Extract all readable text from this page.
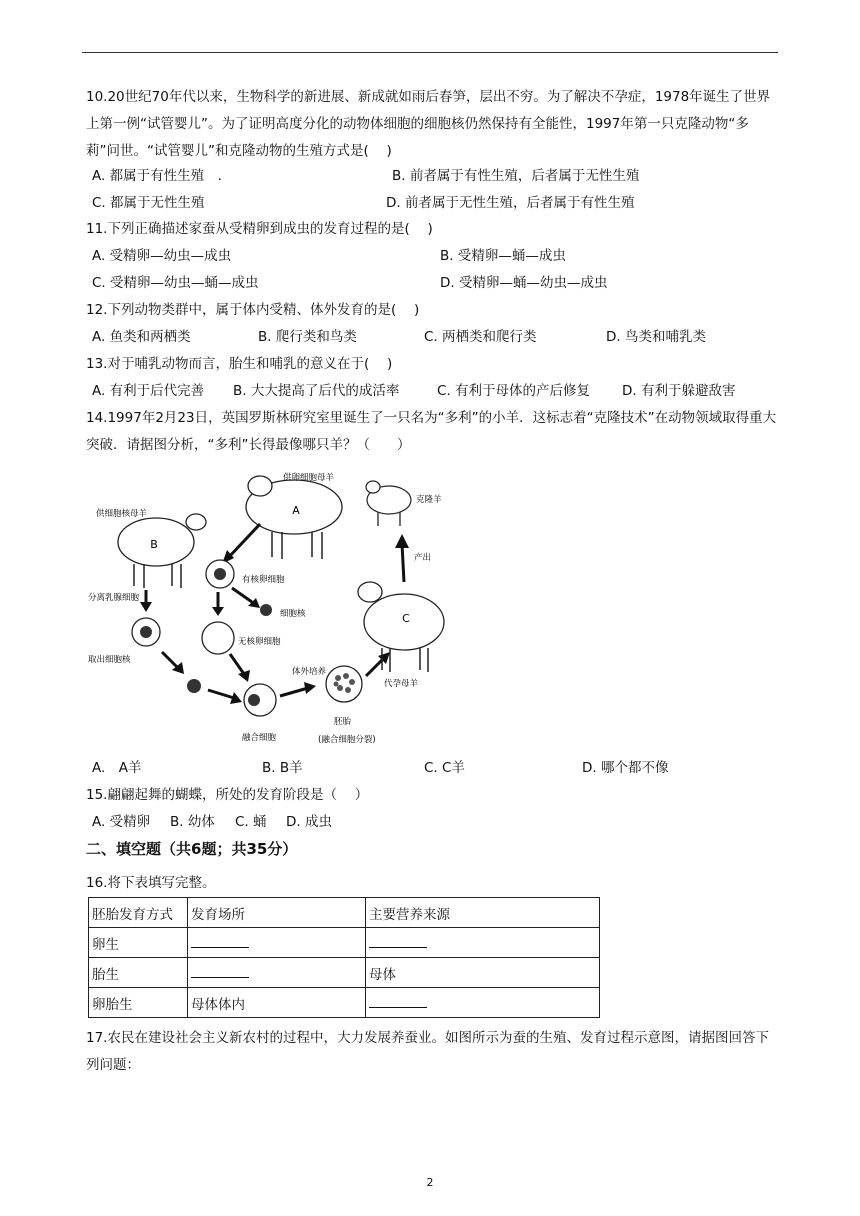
10.20世纪70年代以来，生物科学的新进展、新成就如雨后春笋，层出不穷。为了解决不孕症，1978年诞生了世界上第一例“试管婴儿”。为了证明高度分化的动物体细胞的细胞核仍然保持有全能性，1997年第一只克隆动物“多莉”问世。“试管婴儿”和克隆动物的生殖方式是(　 )

A. 都属于有性生殖　.	B. 前者属于有性生殖，后者属于无性生殖
C. 都属于无性生殖	D. 前者属于无性生殖，后者属于有性生殖
11.下列正确描述家蚕从受精卵到成虫的发育过程的是(　 )
A. 受精卵—幼虫—成虫	B. 受精卵—蛹—成虫
C. 受精卵—幼虫—蛹—成虫	D. 受精卵—蛹—幼虫—成虫
12.下列动物类群中，属于体内受精、体外发育的是(　 )
A. 鱼类和两栖类	B. 爬行类和鸟类	C. 两栖类和爬行类	D. 鸟类和哺乳类
13.对于哺乳动物而言，胎生和哺乳的意义在于(　 )
A. 有利于后代完善 B. 大大提高了后代的成活率	C. 有利于母体的产后修复 D. 有利于躲避敌害

14.1997年2月23日，英国罗斯林研究室里诞生了一只名为“多利”的小羊．这标志着“克隆技术”在动物领域取得重大突破．请据图分析，“多利”长得最像哪只羊？（　　）

A
供卵细胞母羊
克隆羊
B
供细胞核母羊
产出
有核卵细胞
细胞核
分离乳腺细胞
无核卵细胞
取出细胞核
融合细胞
体外培养
胚胎
(融合细胞分裂)
代孕母羊
C
A.　A羊	B. B羊	C. C羊	D. 哪个都不像
15.翩翩起舞的蝴蝶，所处的发育阶段是（　 ）
A. 受精卵 B. 幼体 C. 蛹 D. 成虫
二、填空题（共6题；共35分）
16.将下表填写完整。
胚胎发育方式	发育场所	主要营养来源
卵生		
胎生		母体
卵胎生	母体体内	

17.农民在建设社会主义新农村的过程中，大力发展养蚕业。如图所示为蚕的生殖、发育过程示意图，请据图回答下列问题：

2
